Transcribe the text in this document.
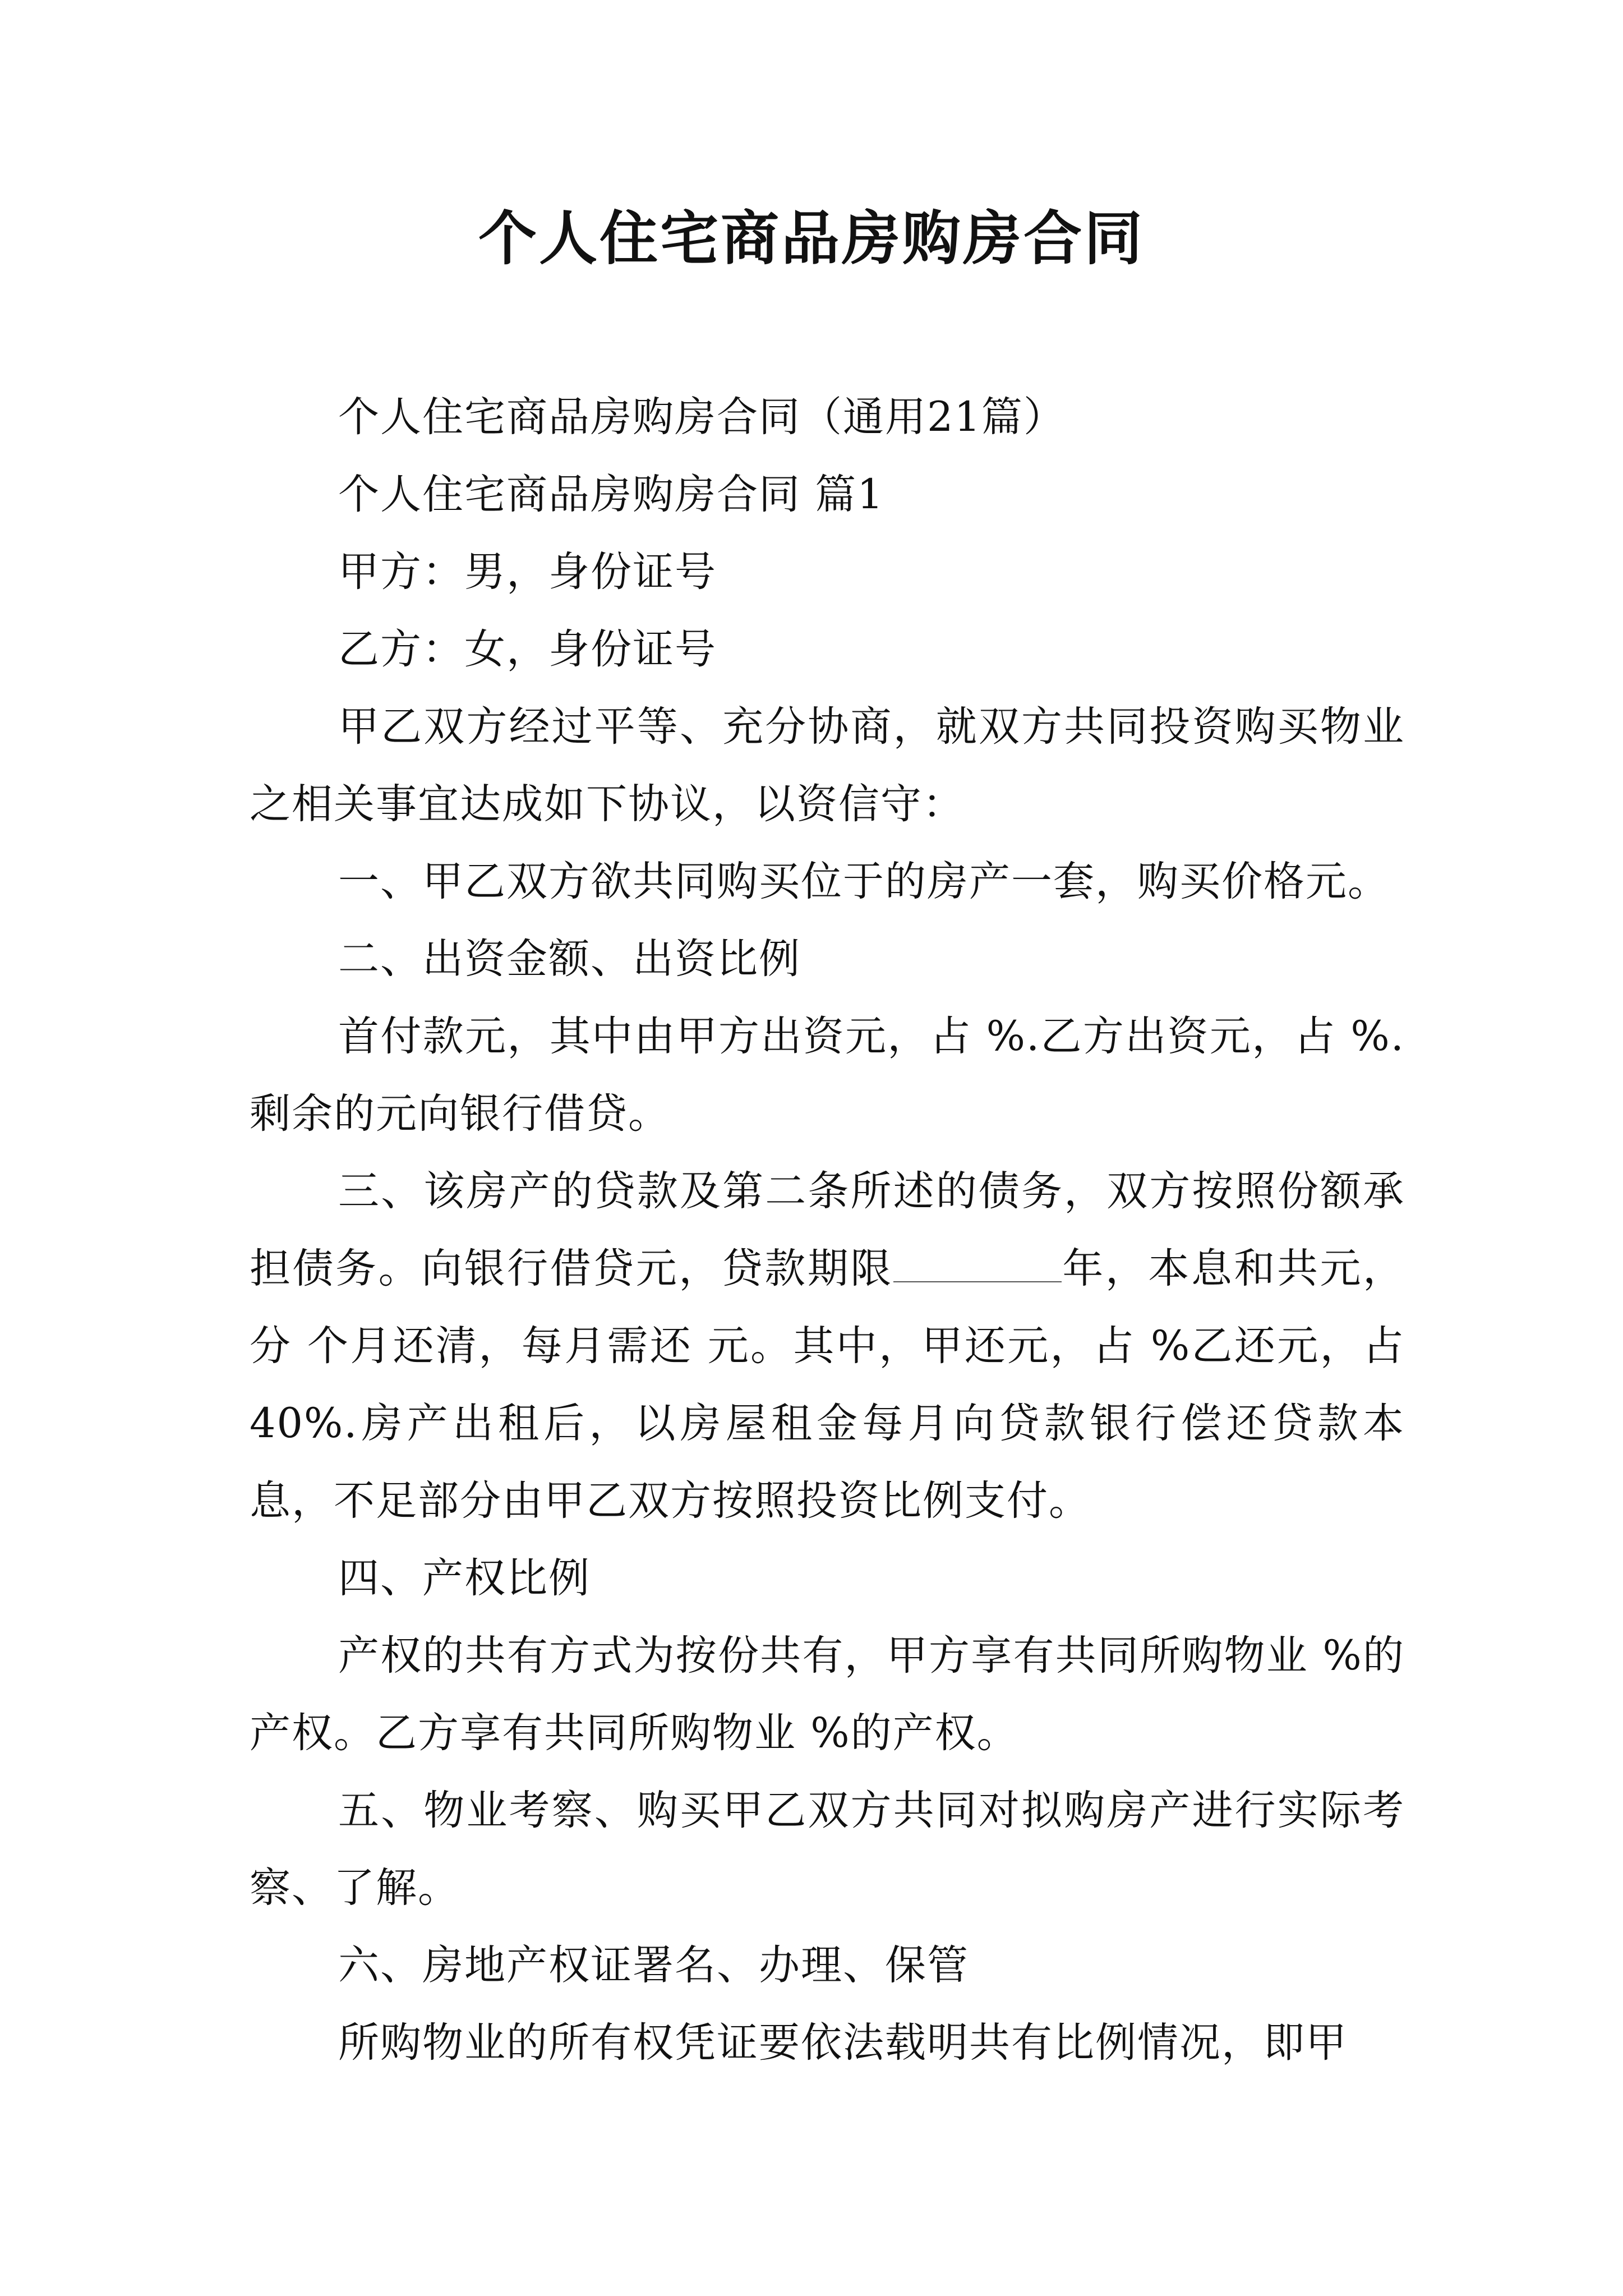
个人住宅商品房购房合同

个人住宅商品房购房合同（通用21篇）

个人住宅商品房购房合同 篇1

甲方：男，身份证号

乙方：女，身份证号

甲乙双方经过平等、充分协商，就双方共同投资购买物业之相关事宜达成如下协议，以资信守：

一、甲乙双方欲共同购买位于的房产一套，购买价格元。

二、出资金额、出资比例

首付款元，其中由甲方出资元，占 %.乙方出资元，占 %.剩余的元向银行借贷。

三、该房产的贷款及第二条所述的债务，双方按照份额承担债务。向银行借贷元，贷款期限	年，本息和共元，分 个月还清，每月需还 元。其中，甲还元，占 %乙还元，占40%.房产出租后，以房屋租金每月向贷款银行偿还贷款本息，不足部分由甲乙双方按照投资比例支付。

四、产权比例

产权的共有方式为按份共有，甲方享有共同所购物业 %的产权。乙方享有共同所购物业 %的产权。

五、物业考察、购买甲乙双方共同对拟购房产进行实际考察、了解。

六、房地产权证署名、办理、保管

所购物业的所有权凭证要依法载明共有比例情况，即甲
